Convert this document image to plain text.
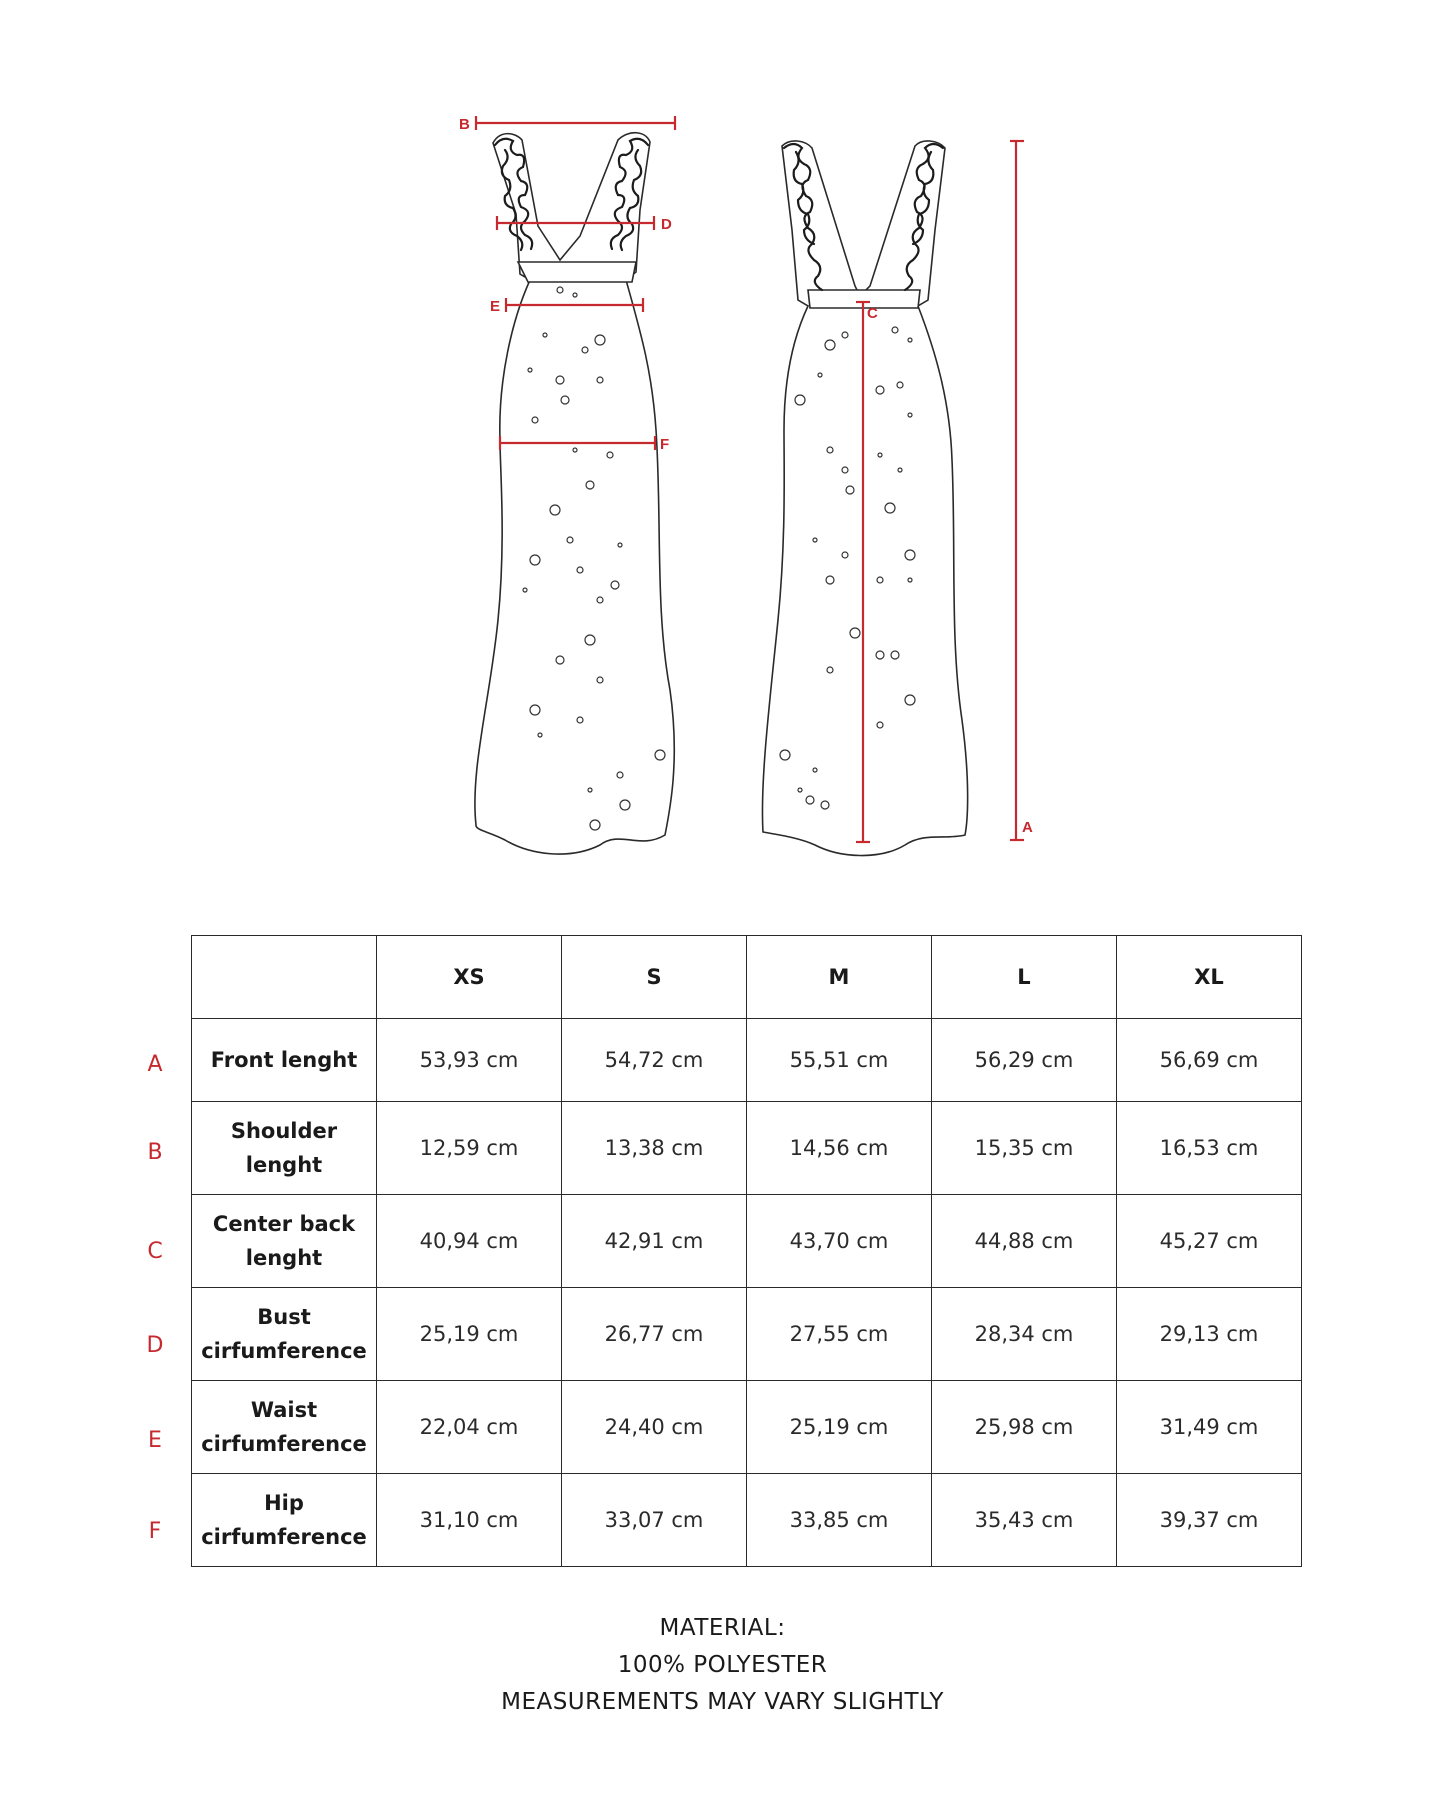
B
D
E
F
C
A
	XS	S	M	L	XL
Front lenght	53,93 cm	54,72 cm	55,51 cm	56,29 cm	56,69 cm
Shoulder
lenght	12,59 cm	13,38 cm	14,56 cm	15,35 cm	16,53 cm
Center back
lenght	40,94 cm	42,91 cm	43,70 cm	44,88 cm	45,27 cm
Bust
cirfumference	25,19 cm	26,77 cm	27,55 cm	28,34 cm	29,13 cm
Waist
cirfumference	22,04 cm	24,40 cm	25,19 cm	25,98 cm	31,49 cm
Hip
cirfumference	31,10 cm	33,07 cm	33,85 cm	35,43 cm	39,37 cm
A
B
C
D
E
F
MATERIAL:
100% POLYESTER
MEASUREMENTS MAY VARY SLIGHTLY
